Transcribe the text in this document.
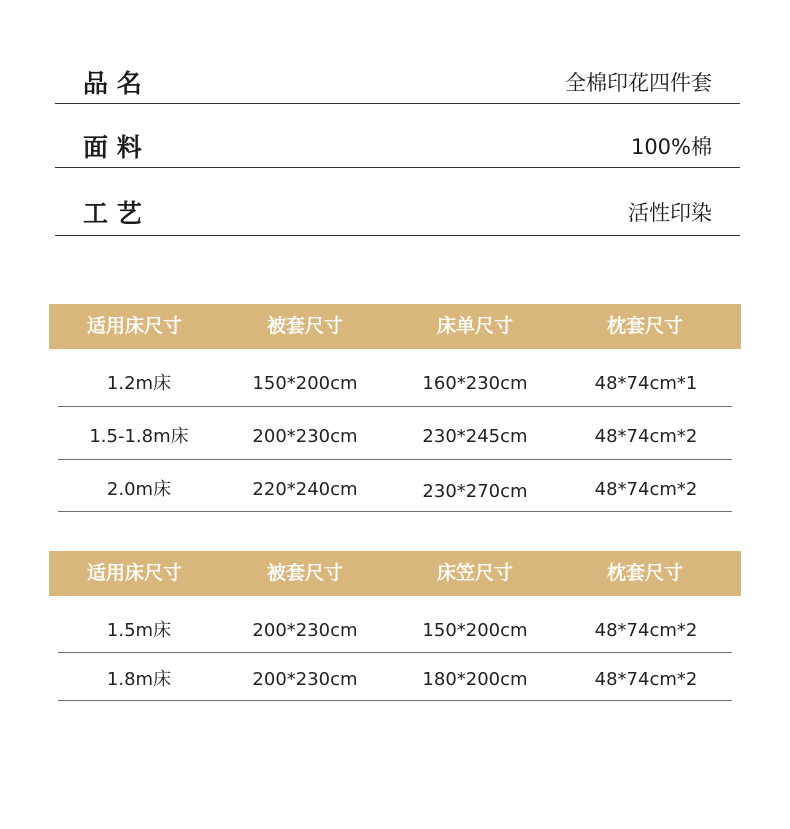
品 名	全棉印花四件套
面 料	100%棉
工 艺	活性印染
适用床尺寸	被套尺寸	床单尺寸	枕套尺寸
1.2m床	150*200cm	160*230cm	48*74cm*1
1.5-1.8m床	200*230cm	230*245cm	48*74cm*2
2.0m床	220*240cm	230*270cm	48*74cm*2
适用床尺寸	被套尺寸	床笠尺寸	枕套尺寸
1.5m床	200*230cm	150*200cm	48*74cm*2
1.8m床	200*230cm	180*200cm	48*74cm*2
